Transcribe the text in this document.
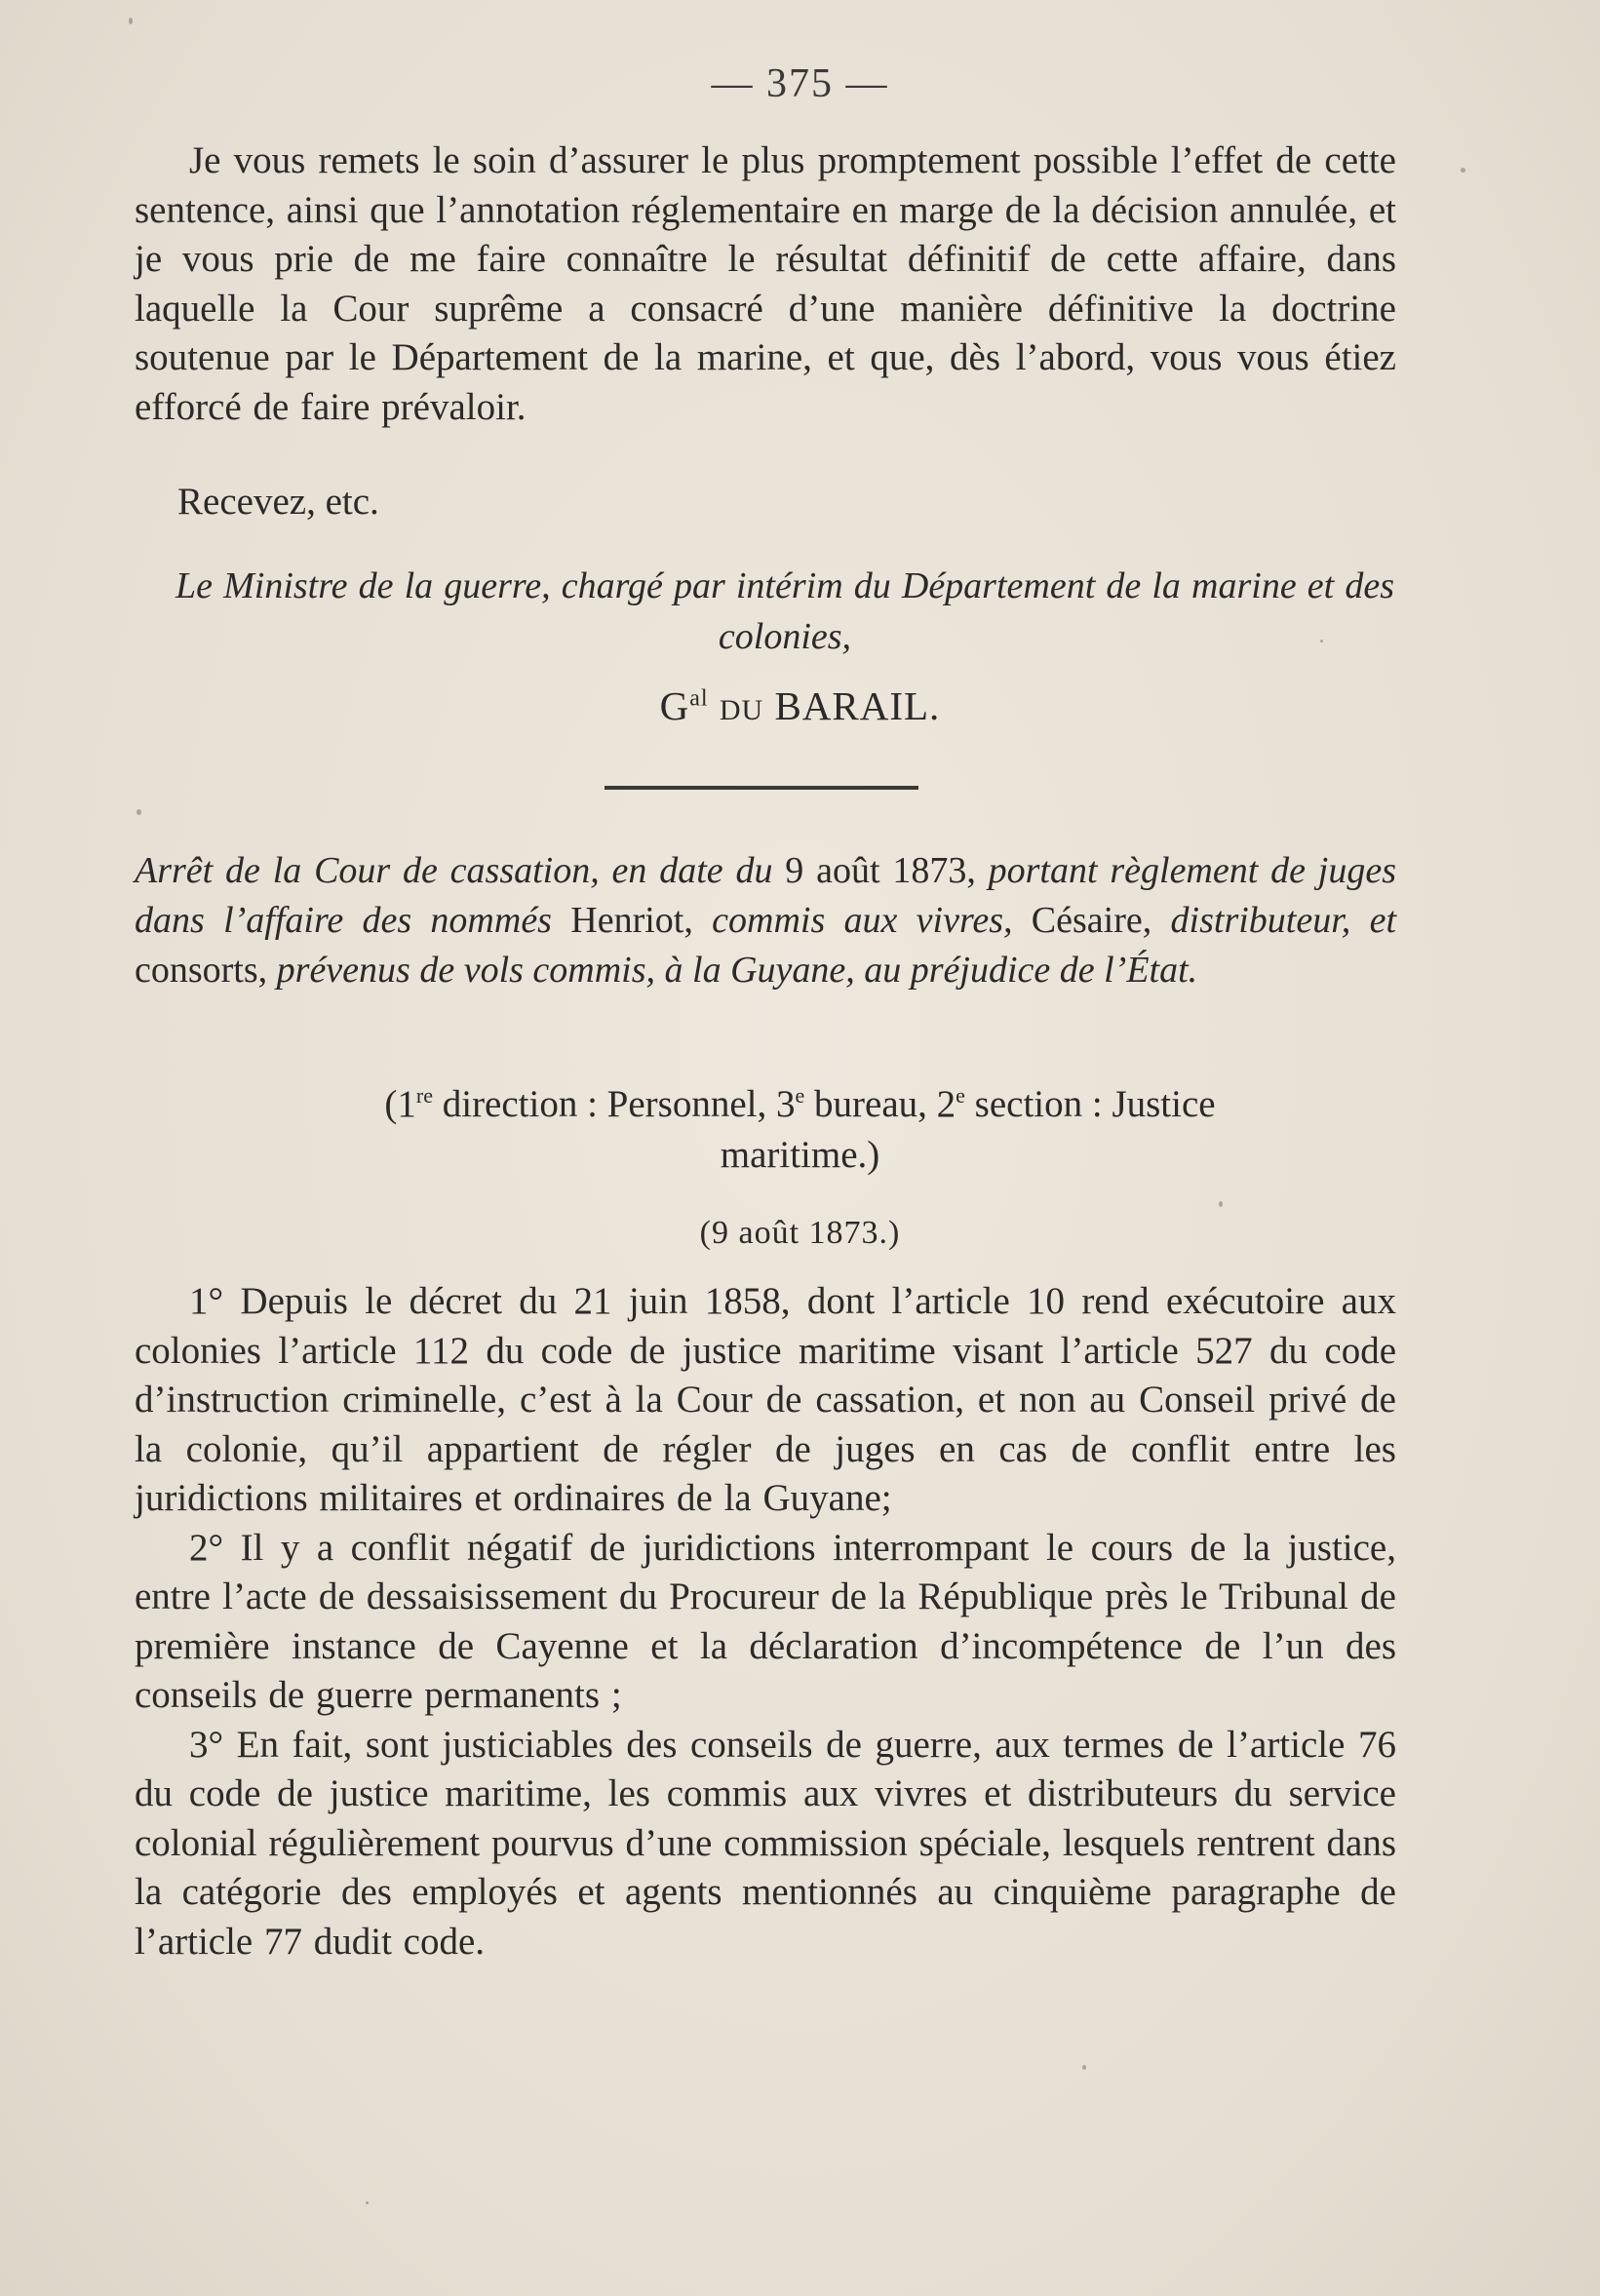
— 375 —

Je vous remets le soin d’assurer le plus promptement possible l’effet de cette sentence, ainsi que l’annotation réglementaire en marge de la décision annulée, et je vous prie de me faire connaître le résultat définitif de cette affaire, dans laquelle la Cour suprême a consacré d’une manière définitive la doctrine soutenue par le Département de la marine, et que, dès l’abord, vous vous étiez efforcé de faire prévaloir.

Recevez, etc.
Le Ministre de la guerre, chargé par intérim du Département de la marine et des colonies,
$G^{al}$ DU BARAIL.
Arrêt de la Cour de cassation, en date du 9 août 1873, portant règlement de juges dans l’affaire des nommés Henriot, commis aux vivres, Césaire, distributeur, et consorts, prévenus de vols commis, à la Guyane, au préjudice de l’État.
(1re direction : Personnel, 3e bureau, 2e section : Justice
maritime.)
(9 août 1873.)

1° Depuis le décret du 21 juin 1858, dont l’article 10 rend exécutoire aux colonies l’article 112 du code de justice maritime visant l’article 527 du code d’instruction criminelle, c’est à la Cour de cassation, et non au Conseil privé de la colonie, qu’il appartient de régler de juges en cas de conflit entre les juridictions militaires et ordinaires de la Guyane;

2° Il y a conflit négatif de juridictions interrompant le cours de la justice, entre l’acte de dessaisissement du Procureur de la République près le Tribunal de première instance de Cayenne et la déclaration d’incompétence de l’un des conseils de guerre permanents ;

3° En fait, sont justiciables des conseils de guerre, aux termes de l’article 76 du code de justice maritime, les commis aux vivres et distributeurs du service colonial régulièrement pourvus d’une commission spéciale, lesquels rentrent dans la catégorie des employés et agents mentionnés au cinquième paragraphe de l’article 77 dudit code.
